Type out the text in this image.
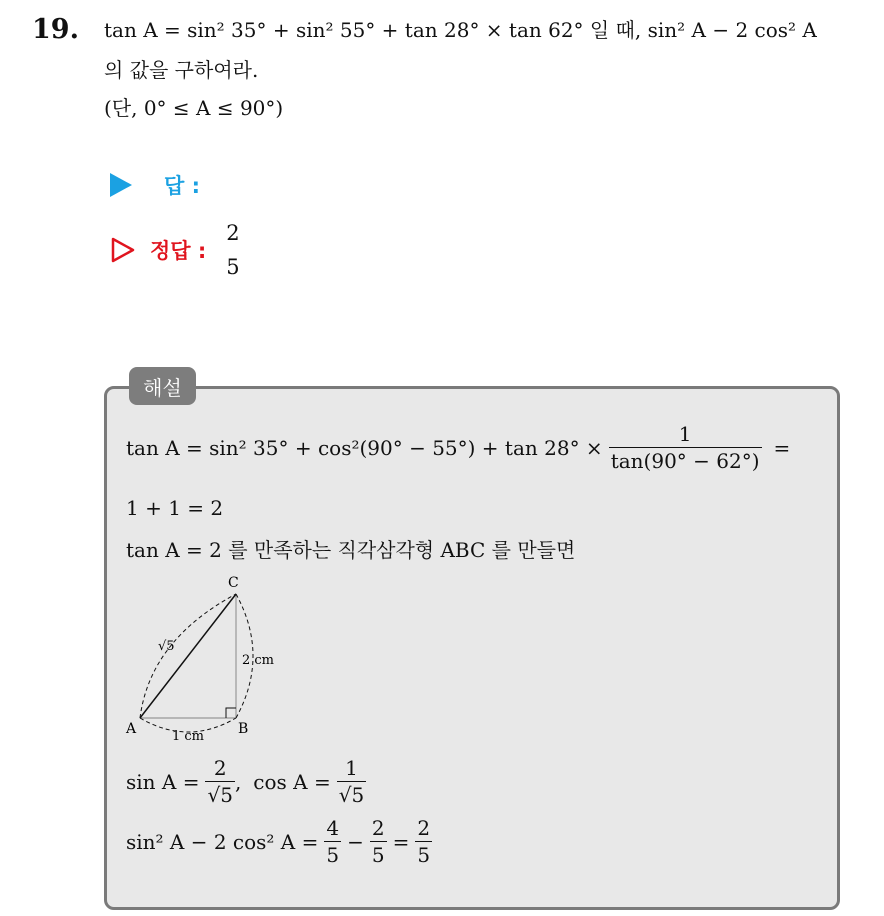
19. tan A = sin² 35° + sin² 55° + tan 28° × tan 62° 일 때, sin² A − 2 cos² A
의 값을 구하여라.
(단, 0° ≤ A ≤ 90°)
답 :
정답 :
2
5
해설
tan A = sin² $35^\circ + \cos^2(90^\circ - 55^\circ) + \tan 28^\circ \times \frac{1}{\tan(90^\circ - 62^\circ)}$ =
1 + 1 = 2
tan A = 2 를 만족하는 직각삼각형 ABC 를 만들면
A	B
C
√5
2 cm
1 cm
$\sin A = \frac{2}{√5}$ , $\cos A = \frac{1}{√5}$
sin² A − 2 cos² $A = \frac{4}{5} - \frac{2}{5} = \frac{2}{5}$
